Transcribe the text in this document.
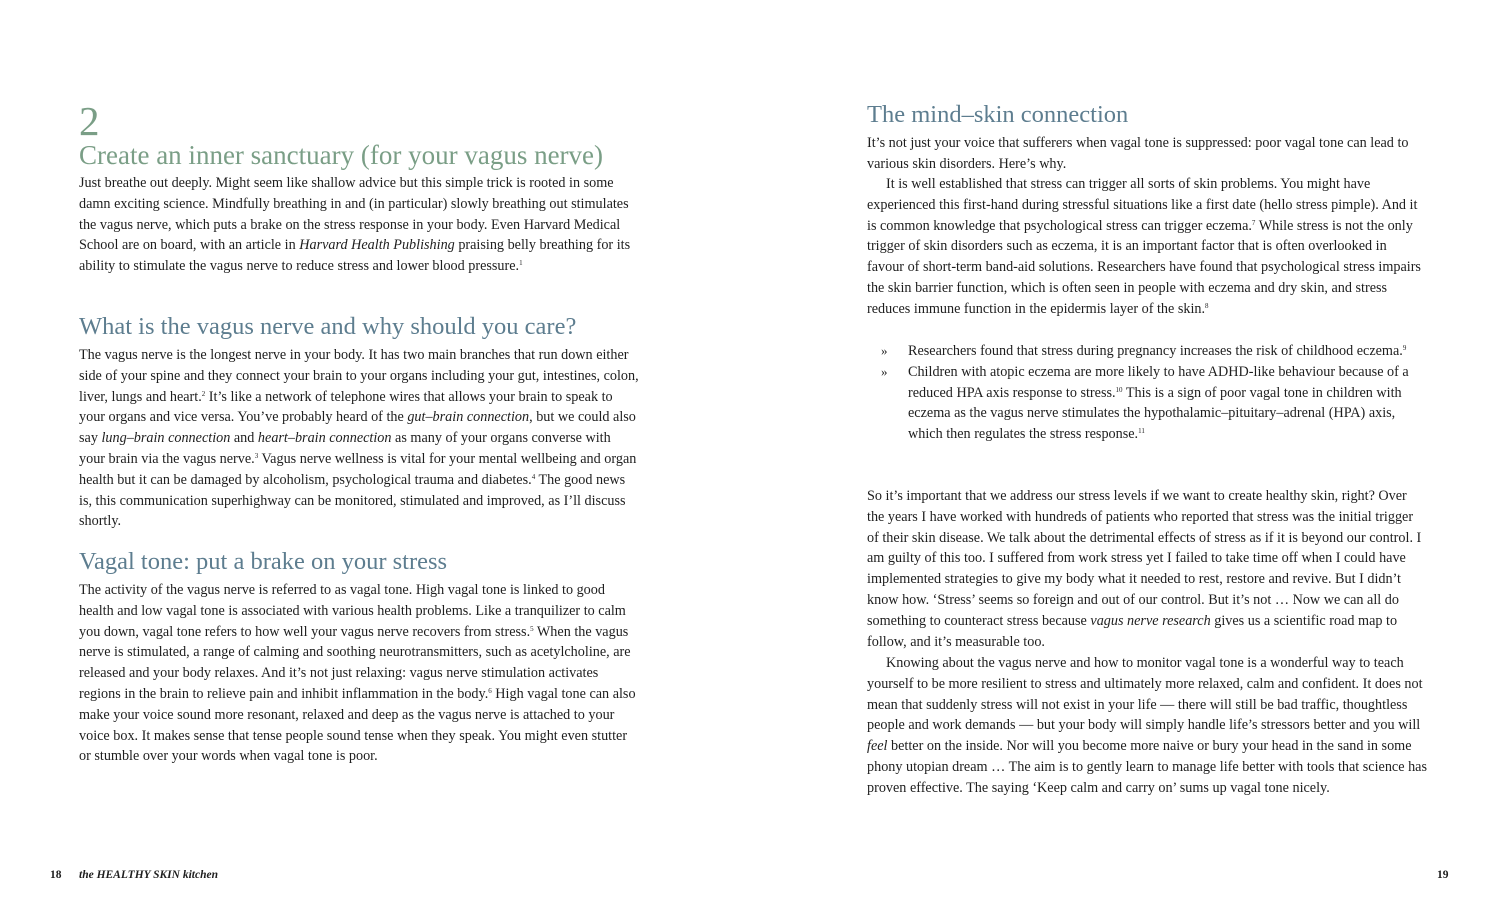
2
Create an inner sanctuary (for your vagus nerve)

Just breathe out deeply. Might seem like shallow advice but this simple trick is rooted in some damn exciting science. Mindfully breathing in and (in particular) slowly breathing out stimulates the vagus nerve, which puts a brake on the stress response in your body. Even Harvard Medical School are on board, with an article in Harvard Health Publishing praising belly breathing for its ability to stimulate the vagus nerve to reduce stress and lower blood pressure.$^1$

What is the vagus nerve and why should you care?

The vagus nerve is the longest nerve in your body. It has two main branches that run down either side of your spine and they connect your brain to your organs including your gut, intestines, colon, liver, lungs and heart.$^2$ It’s like a network of telephone wires that allows your brain to speak to your organs and vice versa. You’ve probably heard of the gut–brain connection, but we could also say lung–brain connection and heart–brain connection as many of your organs converse with your brain via the vagus nerve.$^3$ Vagus nerve wellness is vital for your mental wellbeing and organ health but it can be damaged by alcoholism, psychological trauma and diabetes.$^4$ The good news is, this communication superhighway can be monitored, stimulated and improved, as I’ll discuss shortly.

Vagal tone: put a brake on your stress

The activity of the vagus nerve is referred to as vagal tone. High vagal tone is linked to good health and low vagal tone is associated with various health problems. Like a tranquilizer to calm you down, vagal tone refers to how well your vagus nerve recovers from stress.$^5$ When the vagus nerve is stimulated, a range of calming and soothing neurotransmitters, such as acetylcholine, are released and your body relaxes. And it’s not just relaxing: vagus nerve stimulation activates regions in the brain to relieve pain and inhibit inflammation in the body.$^6$ High vagal tone can also make your voice sound more resonant, relaxed and deep as the vagus nerve is attached to your voice box. It makes sense that tense people sound tense when they speak. You might even stutter or stumble over your words when vagal tone is poor.

18 the HEALTHY SKIN kitchen
The mind–skin connection

It’s not just your voice that sufferers when vagal tone is suppressed: poor vagal tone can lead to various skin disorders. Here’s why.

It is well established that stress can trigger all sorts of skin problems. You might have experienced this first-hand during stressful situations like a first date (hello stress pimple). And it is common knowledge that psychological stress can trigger eczema.$^7$ While stress is not the only trigger of skin disorders such as eczema, it is an important factor that is often overlooked in favour of short-term band-aid solutions. Researchers have found that psychological stress impairs the skin barrier function, which is often seen in people with eczema and dry skin, and stress reduces immune function in the epidermis layer of the skin.$^8$

» Researchers found that stress during pregnancy increases the risk of childhood eczema.$^9$
» Children with atopic eczema are more likely to have ADHD-like behaviour because of a reduced HPA axis response to stress.$^{10}$ This is a sign of poor vagal tone in children with eczema as the vagus nerve stimulates the hypothalamic–pituitary–adrenal (HPA) axis, which then regulates the stress response.$^{11}$

So it’s important that we address our stress levels if we want to create healthy skin, right? Over the years I have worked with hundreds of patients who reported that stress was the initial trigger of their skin disease. We talk about the detrimental effects of stress as if it is beyond our control. I am guilty of this too. I suffered from work stress yet I failed to take time off when I could have implemented strategies to give my body what it needed to rest, restore and revive. But I didn’t know how. ‘Stress’ seems so foreign and out of our control. But it’s not … Now we can all do something to counteract stress because vagus nerve research gives us a scientific road map to follow, and it’s measurable too.

Knowing about the vagus nerve and how to monitor vagal tone is a wonderful way to teach yourself to be more resilient to stress and ultimately more relaxed, calm and confident. It does not mean that suddenly stress will not exist in your life — there will still be bad traffic, thoughtless people and work demands — but your body will simply handle life’s stressors better and you will feel better on the inside. Nor will you become more naive or bury your head in the sand in some phony utopian dream … The aim is to gently learn to manage life better with tools that science has proven effective. The saying ‘Keep calm and carry on’ sums up vagal tone nicely.

19
